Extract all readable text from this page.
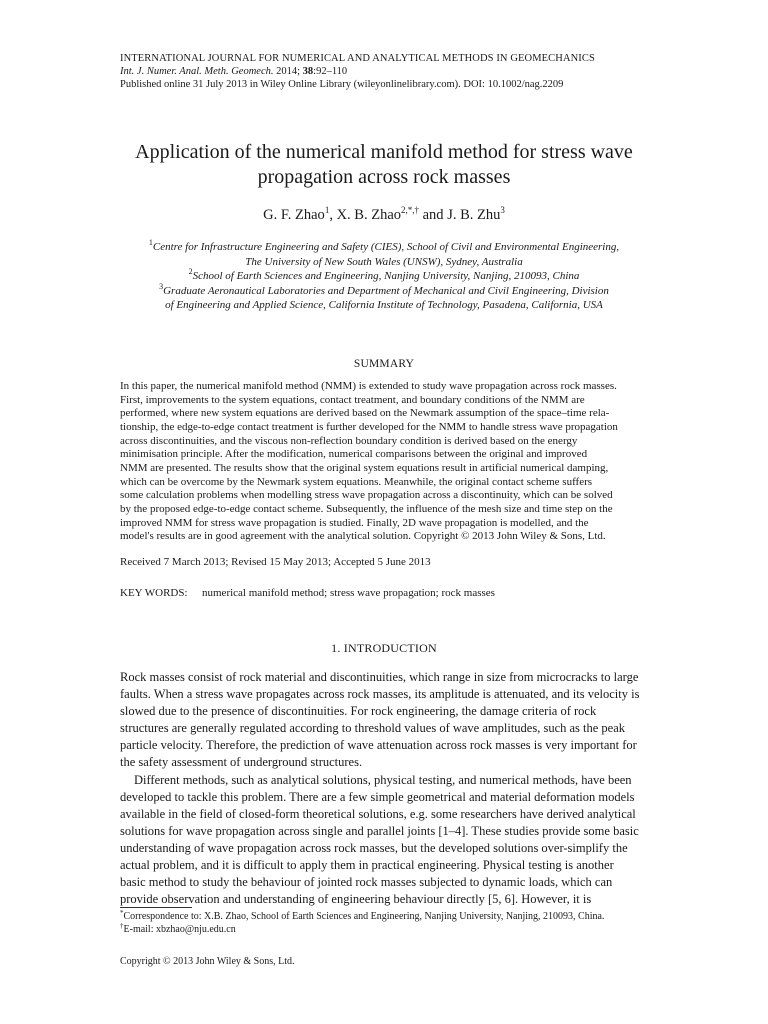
INTERNATIONAL JOURNAL FOR NUMERICAL AND ANALYTICAL METHODS IN GEOMECHANICS
Int. J. Numer. Anal. Meth. Geomech. 2014; 38:92–110
Published online 31 July 2013 in Wiley Online Library (wileyonlinelibrary.com). DOI: 10.1002/nag.2209
Application of the numerical manifold method for stress wave
propagation across rock masses
G. F. Zhao$^1$, X. B. Zhao$^{2,*,\dagger}$ and J. B. Zhu$^3$
$^1$Centre for Infrastructure Engineering and Safety (CIES), School of Civil and Environmental Engineering,
The University of New South Wales (UNSW), Sydney, Australia
$^2$School of Earth Sciences and Engineering, Nanjing University, Nanjing, 210093, China
$^3$Graduate Aeronautical Laboratories and Department of Mechanical and Civil Engineering, Division
of Engineering and Applied Science, California Institute of Technology, Pasadena, California, USA
SUMMARY
In this paper, the numerical manifold method (NMM) is extended to study wave propagation across rock masses.
First, improvements to the system equations, contact treatment, and boundary conditions of the NMM are
performed, where new system equations are derived based on the Newmark assumption of the space–time rela-
tionship, the edge-to-edge contact treatment is further developed for the NMM to handle stress wave propagation
across discontinuities, and the viscous non-reflection boundary condition is derived based on the energy
minimisation principle. After the modification, numerical comparisons between the original and improved
NMM are presented. The results show that the original system equations result in artificial numerical damping,
which can be overcome by the Newmark system equations. Meanwhile, the original contact scheme suffers
some calculation problems when modelling stress wave propagation across a discontinuity, which can be solved
by the proposed edge-to-edge contact scheme. Subsequently, the influence of the mesh size and time step on the
improved NMM for stress wave propagation is studied. Finally, 2D wave propagation is modelled, and the
model's results are in good agreement with the analytical solution. Copyright © 2013 John Wiley & Sons, Ltd.
Received 7 March 2013; Revised 15 May 2013; Accepted 5 June 2013
KEY WORDS: numerical manifold method; stress wave propagation; rock masses
1. INTRODUCTION
Rock masses consist of rock material and discontinuities, which range in size from microcracks to large
faults. When a stress wave propagates across rock masses, its amplitude is attenuated, and its velocity is
slowed due to the presence of discontinuities. For rock engineering, the damage criteria of rock
structures are generally regulated according to threshold values of wave amplitudes, such as the peak
particle velocity. Therefore, the prediction of wave attenuation across rock masses is very important for
the safety assessment of underground structures.
Different methods, such as analytical solutions, physical testing, and numerical methods, have been
developed to tackle this problem. There are a few simple geometrical and material deformation models
available in the field of closed-form theoretical solutions, e.g. some researchers have derived analytical
solutions for wave propagation across single and parallel joints [1–4]. These studies provide some basic
understanding of wave propagation across rock masses, but the developed solutions over-simplify the
actual problem, and it is difficult to apply them in practical engineering. Physical testing is another
basic method to study the behaviour of jointed rock masses subjected to dynamic loads, which can
provide observation and understanding of engineering behaviour directly [5, 6]. However, it is
*Correspondence to: X.B. Zhao, School of Earth Sciences and Engineering, Nanjing University, Nanjing, 210093, China.
†E-mail: xbzhao@nju.edu.cn
Copyright © 2013 John Wiley & Sons, Ltd.
